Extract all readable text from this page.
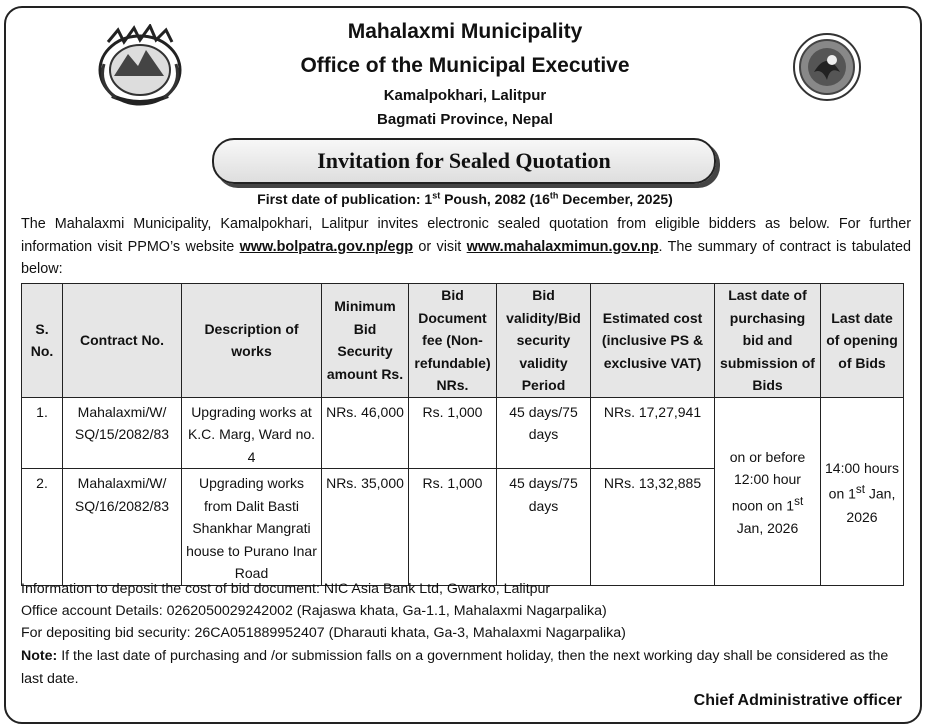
Mahalaxmi Municipality
Office of the Municipal Executive
Kamalpokhari, Lalitpur
Bagmati Province, Nepal
Invitation for Sealed Quotation
First date of publication: 1st Poush, 2082 (16th December, 2025)
The Mahalaxmi Municipality, Kamalpokhari, Lalitpur invites electronic sealed quotation from eligible bidders as below. For further information visit PPMO’s website www.bolpatra.gov.np/egp or visit www.mahalaxmimun.gov.np. The summary of contract is tabulated below:
S. No.	Contract No.	Description of works	Minimum Bid Security amount Rs.	Bid Document fee (Non-refundable) NRs.	Bid validity/Bid security validity Period	Estimated cost (inclusive PS & exclusive VAT)	Last date of purchasing bid and submission of Bids	Last date of opening of Bids
1.	Mahalaxmi/W/ SQ/15/2082/83	Upgrading works at K.C. Marg, Ward no. 4	NRs. 46,000	Rs. 1,000	45 days/75 days	NRs. 17,27,941	on or before 12:00 hour noon on 1st Jan, 2026	14:00 hours on 1st Jan, 2026
2.	Mahalaxmi/W/ SQ/16/2082/83	Upgrading works from Dalit Basti Shankhar Mangrati house to Purano Inar Road	NRs. 35,000	Rs. 1,000	45 days/75 days	NRs. 13,32,885		
Information to deposit the cost of bid document: NIC Asia Bank Ltd, Gwarko, Lalitpur
Office account Details: 0262050029242002 (Rajaswa khata, Ga-1.1, Mahalaxmi Nagarpalika)
For depositing bid security: 26CA051889952407 (Dharauti khata, Ga-3, Mahalaxmi Nagarpalika)
Note: If the last date of purchasing and /or submission falls on a government holiday, then the next working day shall be considered as the last date.
Chief Administrative officer
